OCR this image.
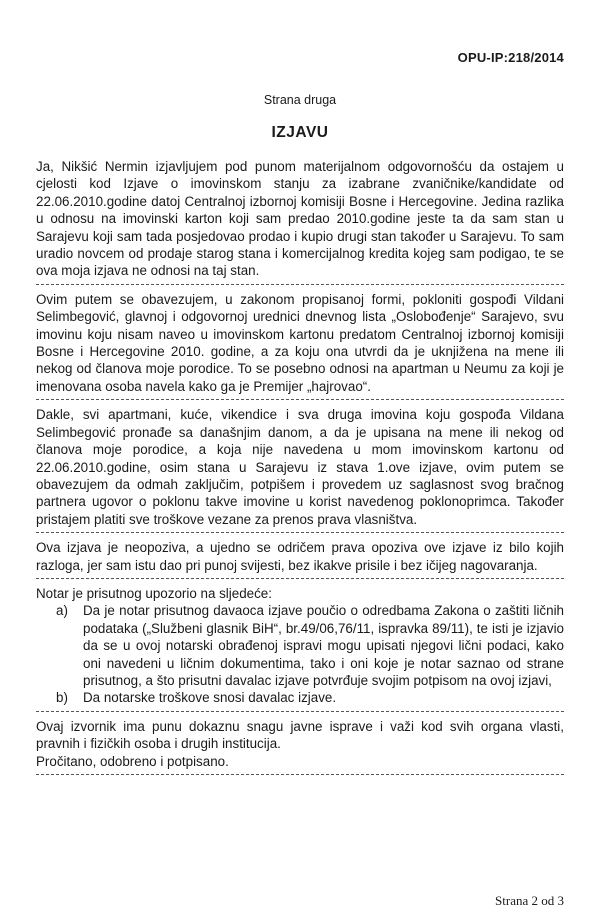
OPU-IP:218/2014
Strana druga
IZJAVU

Ja, Nikšić Nermin izjavljujem pod punom materijalnom odgovornošću da ostajem u cjelosti kod Izjave o imovinskom stanju za izabrane zvaničnike/kandidate od 22.06.2010.godine datoj Centralnoj izbornoj komisiji Bosne i Hercegovine. Jedina razlika u odnosu na imovinski karton koji sam predao 2010.godine jeste ta da sam stan u Sarajevu koji sam tada posjedovao prodao i kupio drugi stan također u Sarajevu. To sam uradio novcem od prodaje starog stana i komercijalnog kredita kojeg sam podigao, te se ova moja izjava ne odnosi na taj stan.

Ovim putem se obavezujem, u zakonom propisanoj formi, pokloniti gospođi Vildani Selimbegović, glavnoj i odgovornoj urednici dnevnog lista „Oslobođenje“ Sarajevo, svu imovinu koju nisam naveo u imovinskom kartonu predatom Centralnoj izbornoj komisiji Bosne i Hercegovine 2010. godine, a za koju ona utvrdi da je uknjižena na mene ili nekog od članova moje porodice. To se posebno odnosi na apartman u Neumu za koji je imenovana osoba navela kako ga je Premijer „hajrovao“.

Dakle, svi apartmani, kuće, vikendice i sva druga imovina koju gospođa Vildana Selimbegović pronađe sa današnjim danom, a da je upisana na mene ili nekog od članova moje porodice, a koja nije navedena u mom imovinskom kartonu od 22.06.2010.godine, osim stana u Sarajevu iz stava 1.ove izjave, ovim putem se obavezujem da odmah zaključim, potpišem i provedem uz saglasnost svog bračnog partnera ugovor o poklonu takve imovine u korist navedenog poklonoprimca. Također pristajem platiti sve troškove vezane za prenos prava vlasništva.

Ova izjava je neopoziva, a ujedno se odričem prava opoziva ove izjave iz bilo kojih razloga, jer sam istu dao pri punoj svijesti, bez ikakve prisile i bez ičijeg nagovaranja.

Notar je prisutnog upozorio na sljedeće:

a) Da je notar prisutnog davaoca izjave poučio o odredbama Zakona o zaštiti ličnih podataka („Službeni glasnik BiH“, br.49/06,76/11, ispravka 89/11), te isti je izjavio da se u ovoj notarski obrađenoj ispravi mogu upisati njegovi lični podaci, kako oni navedeni u ličnim dokumentima, tako i oni koje je notar saznao od strane prisutnog, a što prisutni davalac izjave potvrđuje svojim potpisom na ovoj izjavi,
b) Da notarske troškove snosi davalac izjave.

Ovaj izvornik ima punu dokaznu snagu javne isprave i važi kod svih organa vlasti, pravnih i fizičkih osoba i drugih institucija.

Pročitano, odobreno i potpisano.

Strana 2 od 3
